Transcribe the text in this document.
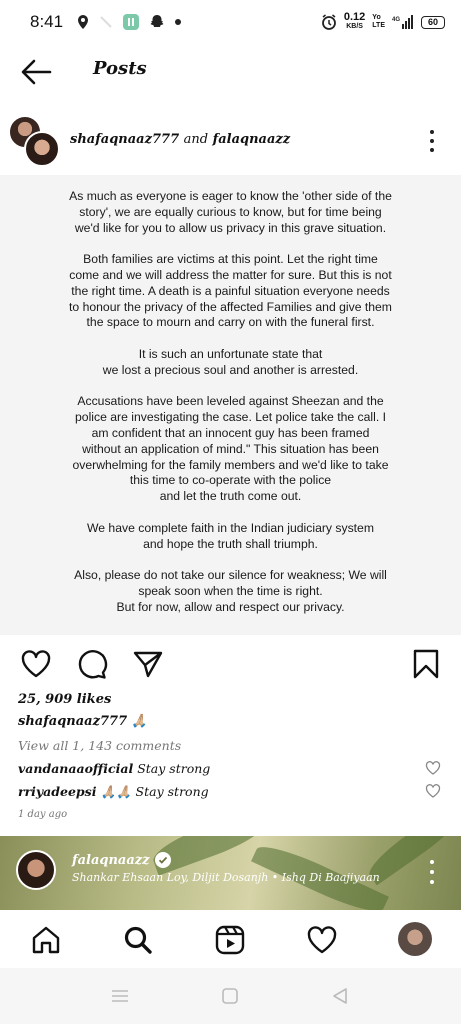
8:41	0.12
KB/S
Yo
LTE
4G	60
Posts
shafaqnaaz777 and falaqnaazz

As much as everyone is eager to know the 'other side of the
story', we are equally curious to know, but for time being
we'd like for you to allow us privacy in this grave situation.

Both families are victims at this point. Let the right time
come and we will address the matter for sure. But this is not
the right time. A death is a painful situation everyone needs
to honour the privacy of the affected Families and give them
the space to mourn and carry on with the funeral first.

It is such an unfortunate state that
we lost a precious soul and another is arrested.

Accusations have been leveled against Sheezan and the
police are investigating the case. Let police take the call. I
am confident that an innocent guy has been framed
without an application of mind." This situation has been
overwhelming for the family members and we'd like to take
this time to co-operate with the police
and let the truth come out.

We have complete faith in the Indian judiciary system
and hope the truth shall triumph.

Also, please do not take our silence for weakness; We will
speak soon when the time is right.
But for now, allow and respect our privacy.

25, 909 likes
shafaqnaaz777 🙏🏼
View all 1, 143 comments
vandanaaofficial Stay strong
rriyadeepsi 🙏🏼🙏🏼 Stay strong
1 day ago
falaqnaazz
Shankar Ehsaan Loy, Diljit Dosanjh • Ishq Di Baajiyaan
